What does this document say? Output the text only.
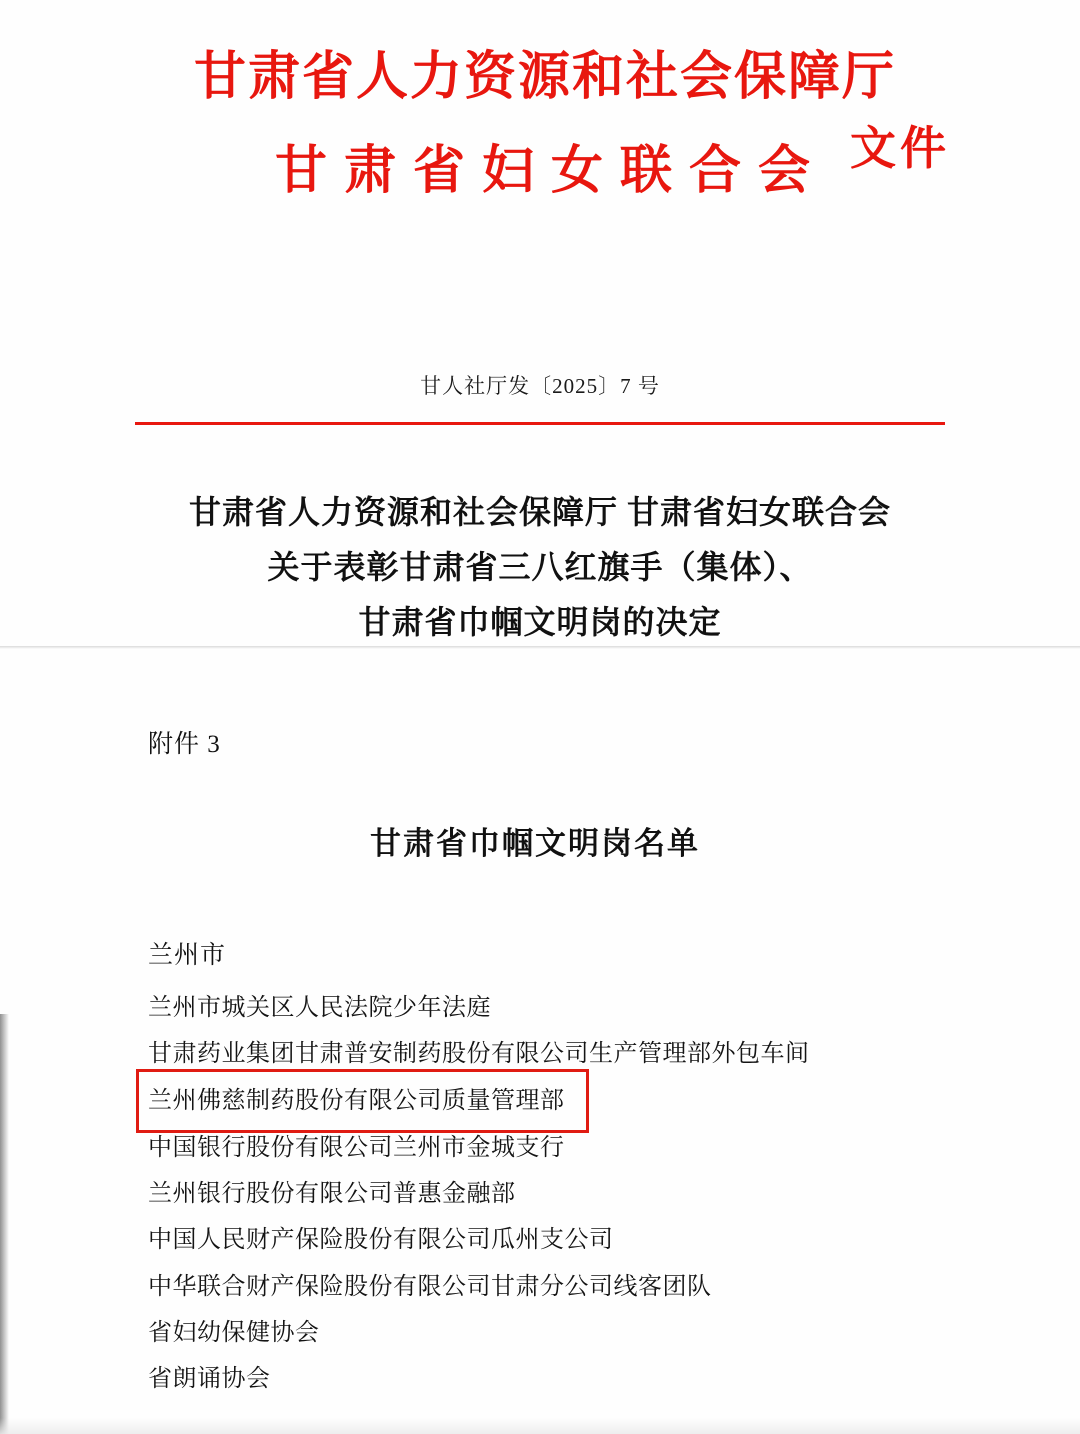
甘肃省人力资源和社会保障厅
甘肃省妇女联合会 文件
甘人社厅发〔2025〕7 号
甘肃省人力资源和社会保障厅 甘肃省妇女联合会
关于表彰甘肃省三八红旗手（集体）、
甘肃省巾帼文明岗的决定
附件 3
甘肃省巾帼文明岗名单
兰州市
兰州市城关区人民法院少年法庭
甘肃药业集团甘肃普安制药股份有限公司生产管理部外包车间
兰州佛慈制药股份有限公司质量管理部
中国银行股份有限公司兰州市金城支行
兰州银行股份有限公司普惠金融部
中国人民财产保险股份有限公司瓜州支公司
中华联合财产保险股份有限公司甘肃分公司线客团队
省妇幼保健协会
省朗诵协会
